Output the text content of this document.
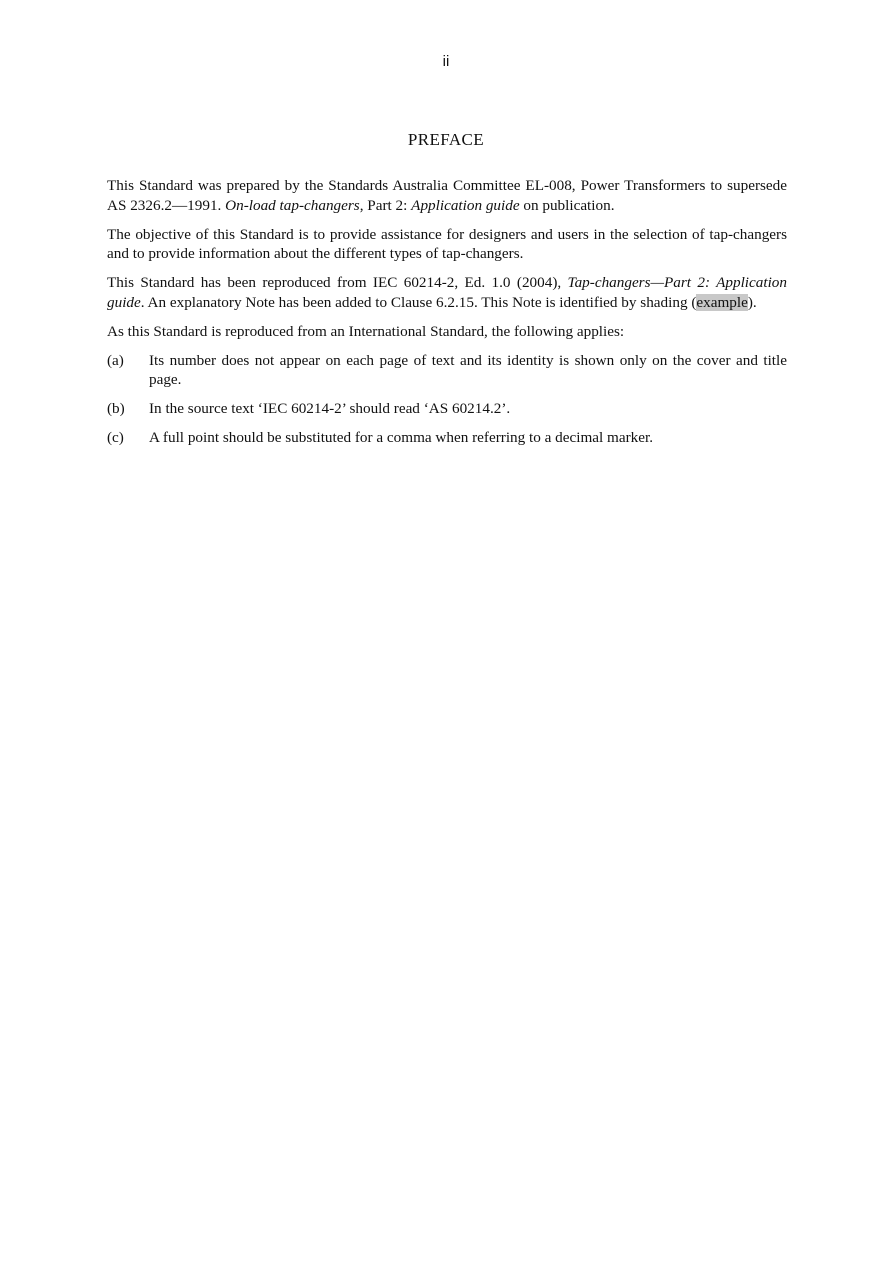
ii
PREFACE

This Standard was prepared by the Standards Australia Committee EL-008, Power Transformers to supersede AS 2326.2—1991. On-load tap-changers, Part 2: Application guide on publication.

The objective of this Standard is to provide assistance for designers and users in the selection of tap-changers and to provide information about the different types of tap-changers.

This Standard has been reproduced from IEC 60214-2, Ed. 1.0 (2004), Tap-changers—Part 2: Application guide. An explanatory Note has been added to Clause 6.2.15. This Note is identified by shading (example).

As this Standard is reproduced from an International Standard, the following applies:

(a)	Its number does not appear on each page of text and its identity is shown only on the cover and title page.
(b)	In the source text ‘IEC 60214-2’ should read ‘AS 60214.2’.
(c)	A full point should be substituted for a comma when referring to a decimal marker.
